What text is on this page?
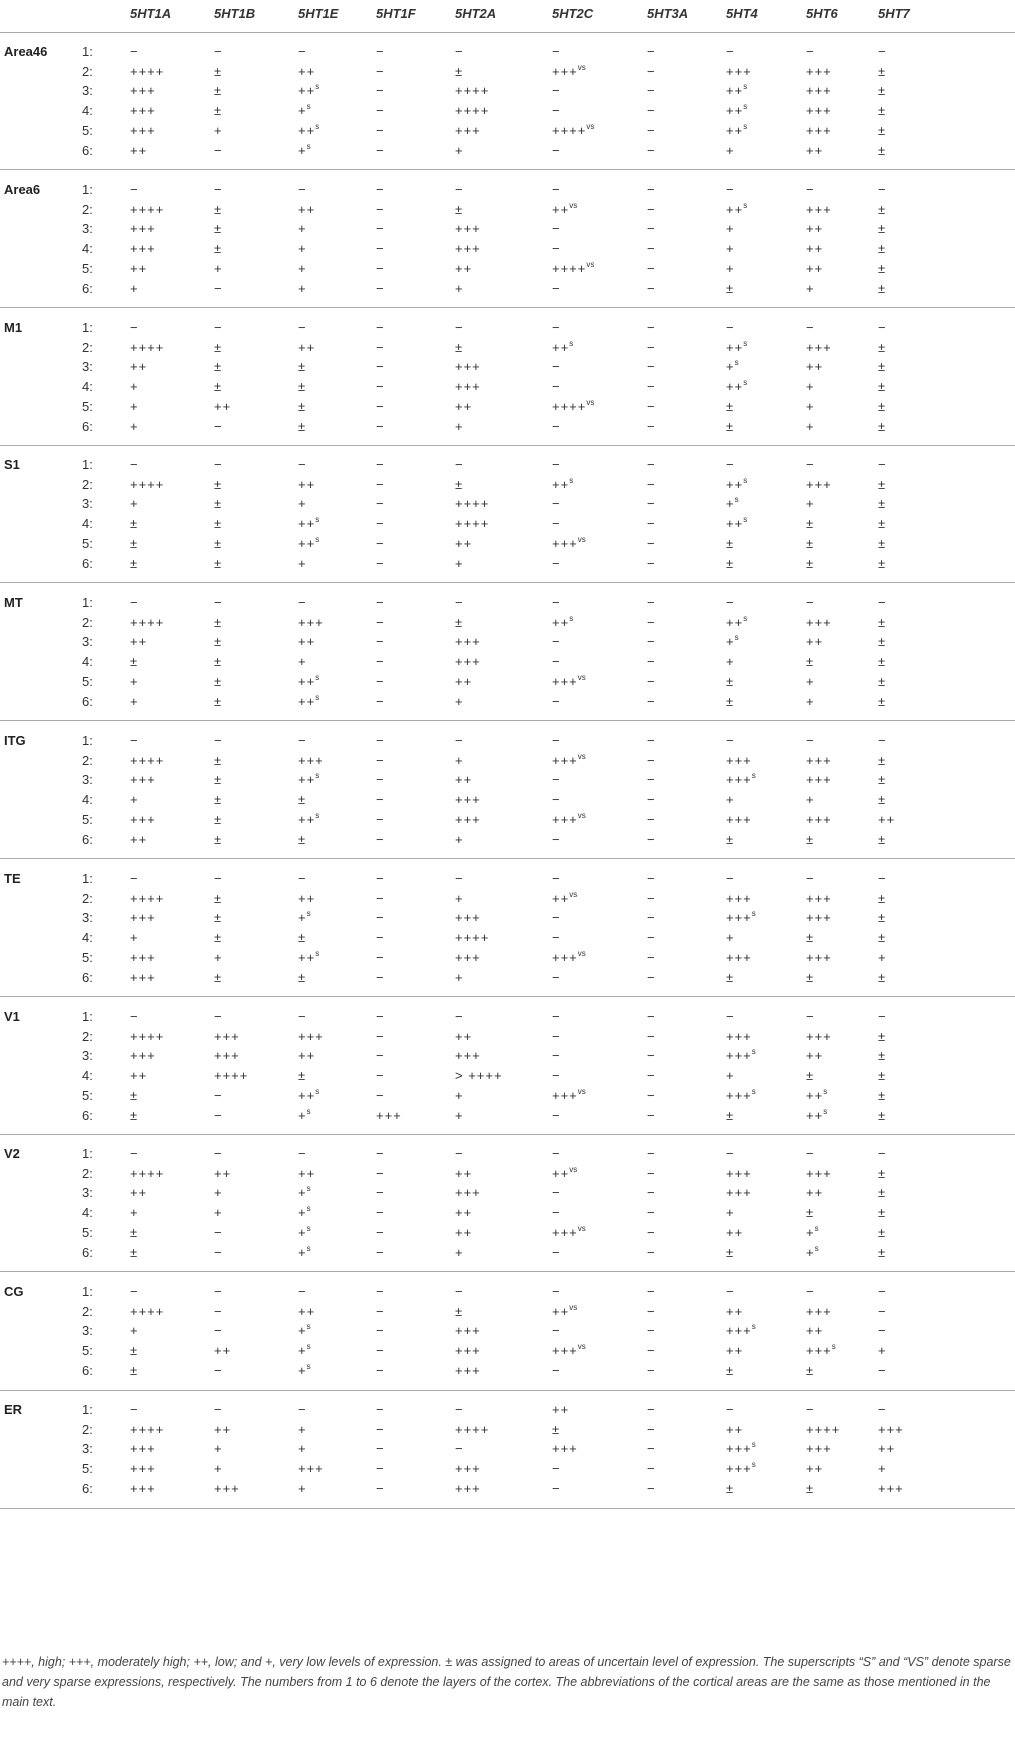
5HT1A	5HT1B	5HT1E	5HT1F	5HT2A	5HT2C	5HT3A	5HT4	5HT6	5HT7
Area46	1:	−	−	−	−	−	−	−	−	−	−
2:	++++	±	++	−	±	+++$^{vs}$	−	+++	+++	±
3:	+++	±	++$^s$	−	++++	−	−	++$^s$	+++	±
4:	+++	±	+$^s$	−	++++	−	−	++$^s$	+++	±
5:	+++	+	++$^s$	−	+++	++++$^{vs}$	−	++$^s$	+++	±
6:	++	−	+$^s$	−	+	−	−	+	++	±
Area6	1:	−	−	−	−	−	−	−	−	−	−
2:	++++	±	++	−	±	++$^{vs}$	−	++$^s$	+++	±
3:	+++	±	+	−	+++	−	−	+	++	±
4:	+++	±	+	−	+++	−	−	+	++	±
5:	++	+	+	−	++	++++$^{vs}$	−	+	++	±
6:	+	−	+	−	+	−	−	±	+	±
M1	1:	−	−	−	−	−	−	−	−	−	−
2:	++++	±	++	−	±	++$^s$	−	++$^s$	+++	±
3:	++	±	±	−	+++	−	−	+$^s$	++	±
4:	+	±	±	−	+++	−	−	++$^s$	+	±
5:	+	++	±	−	++	++++$^{vs}$	−	±	+	±
6:	+	−	±	−	+	−	−	±	+	±
S1	1:	−	−	−	−	−	−	−	−	−	−
2:	++++	±	++	−	±	++$^s$	−	++$^s$	+++	±
3:	+	±	+	−	++++	−	−	+$^s$	+	±
4:	±	±	++$^s$	−	++++	−	−	++$^s$	±	±
5:	±	±	++$^s$	−	++	+++$^{vs}$	−	±	±	±
6:	±	±	+	−	+	−	−	±	±	±
MT	1:	−	−	−	−	−	−	−	−	−	−
2:	++++	±	+++	−	±	++$^s$	−	++$^s$	+++	±
3:	++	±	++	−	+++	−	−	+$^s$	++	±
4:	±	±	+	−	+++	−	−	+	±	±
5:	+	±	++$^s$	−	++	+++$^{vs}$	−	±	+	±
6:	+	±	++$^s$	−	+	−	−	±	+	±
ITG	1:	−	−	−	−	−	−	−	−	−	−
2:	++++	±	+++	−	+	+++$^{vs}$	−	+++	+++	±
3:	+++	±	++$^s$	−	++	−	−	+++$^s$	+++	±
4:	+	±	±	−	+++	−	−	+	+	±
5:	+++	±	++$^s$	−	+++	+++$^{vs}$	−	+++	+++	++
6:	++	±	±	−	+	−	−	±	±	±
TE	1:	−	−	−	−	−	−	−	−	−	−
2:	++++	±	++	−	+	++$^{vs}$	−	+++	+++	±
3:	+++	±	+$^s$	−	+++	−	−	+++$^s$	+++	±
4:	+	±	±	−	++++	−	−	+	±	±
5:	+++	+	++$^s$	−	+++	+++$^{vs}$	−	+++	+++	+
6:	+++	±	±	−	+	−	−	±	±	±
V1	1:	−	−	−	−	−	−	−	−	−	−
2:	++++	+++	+++	−	++	−	−	+++	+++	±
3:	+++	+++	++	−	+++	−	−	+++$^s$	++	±
4:	++	++++	±	−	> ++++	−	−	+	±	±
5:	±	−	++$^s$	−	+	+++$^{vs}$	−	+++$^s$	++$^s$	±
6:	±	−	+$^s$	+++	+	−	−	±	++$^s$	±
V2	1:	−	−	−	−	−	−	−	−	−	−
2:	++++	++	++	−	++	++$^{vs}$	−	+++	+++	±
3:	++	+	+$^s$	−	+++	−	−	+++	++	±
4:	+	+	+$^s$	−	++	−	−	+	±	±
5:	±	−	+$^s$	−	++	+++$^{vs}$	−	++	+$^s$	±
6:	±	−	+$^s$	−	+	−	−	±	+$^s$	±
CG	1:	−	−	−	−	−	−	−	−	−	−
2:	++++	−	++	−	±	++$^{vs}$	−	++	+++	−
3:	+	−	+$^s$	−	+++	−	−	+++$^s$	++	−
5:	±	++	+$^s$	−	+++	+++$^{vs}$	−	++	+++$^s$	+
6:	±	−	+$^s$	−	+++	−	−	±	±	−
ER	1:	−	−	−	−	−	++	−	−	−	−
2:	++++	++	+	−	++++	±	−	++	++++	+++
3:	+++	+	+	−	−	+++	−	+++$^s$	+++	++
5:	+++	+	+++	−	+++	−	−	+++$^s$	++	+
6:	+++	+++	+	−	+++	−	−	±	±	+++
++++, high; +++, moderately high; ++, low; and +, very low levels of expression. ± was assigned to areas of uncertain level of expression. The superscripts “S” and “VS” denote sparse and very sparse expressions, respectively. The numbers from 1 to 6 denote the layers of the cortex. The abbreviations of the cortical areas are the same as those mentioned in the main text.
